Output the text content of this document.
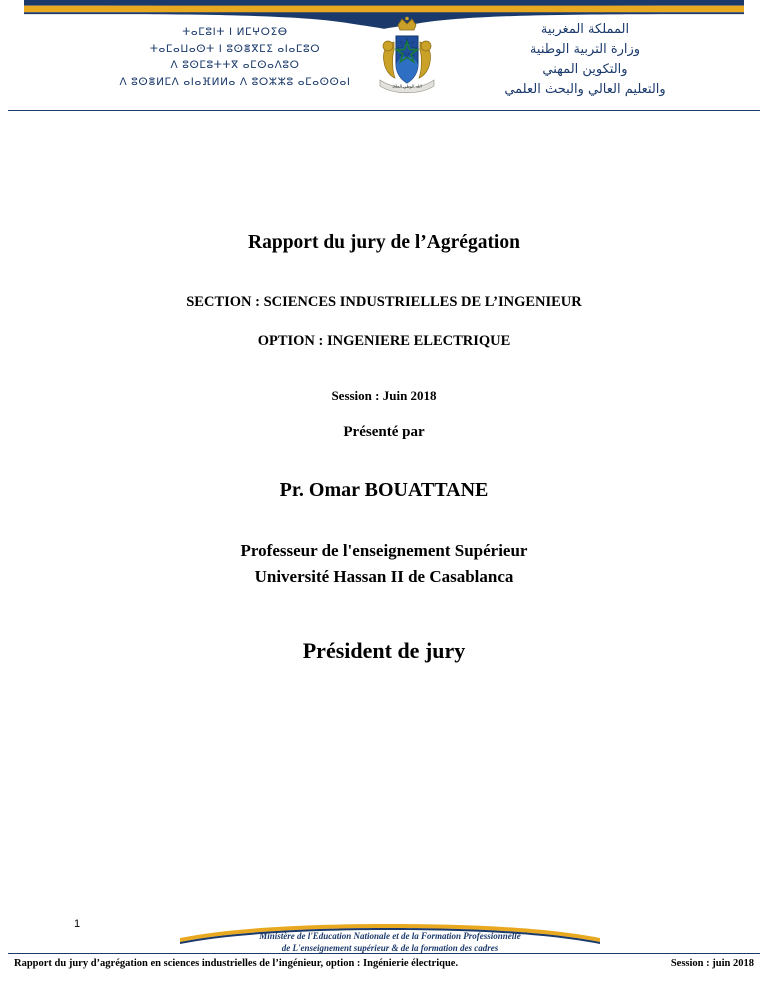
ⵜⴰⵎⵓⵏⵜ ⵏ ⵍⵎⵖⵔⵉⴱ
ⵜⴰⵎⴰⵡⴰⵙⵜ ⵏ ⵓⵙⴻⴳⵎⵉ ⴰⵏⴰⵎⵓⵔ
ⴷ ⵓⵙⵎⵓⵜⵜⴳ ⴰⵎⵙⴰⴷⵓⵔ
ⴷ ⵓⵙⴻⵍⵎⴷ ⴰⵏⴰⴼⵍⵍⴰ ⴷ ⵓⵔⵣⵣⵓ ⴰⵎⴰⵙⵙⴰⵏ	الله الوطن الملك
المملكة المغربية
وزارة التربية الوطنية
والتكوين المهني
والتعليم العالي والبحث العلمي
Rapport du jury de l’Agrégation
SECTION : SCIENCES INDUSTRIELLES DE L’INGENIEUR
OPTION : INGENIERE ELECTRIQUE
Session : Juin 2018
Présenté par
Pr. Omar BOUATTANE
Professeur de l'enseignement Supérieur
Université Hassan II de Casablanca
Président de jury
1
Ministère de l'Education Nationale et de la Formation Professionnelle
de L'enseignement supérieur & de la formation des cadres
Rapport du jury d’agrégation en sciences industrielles de l’ingénieur, option : Ingénierie électrique.	Session : juin 2018
